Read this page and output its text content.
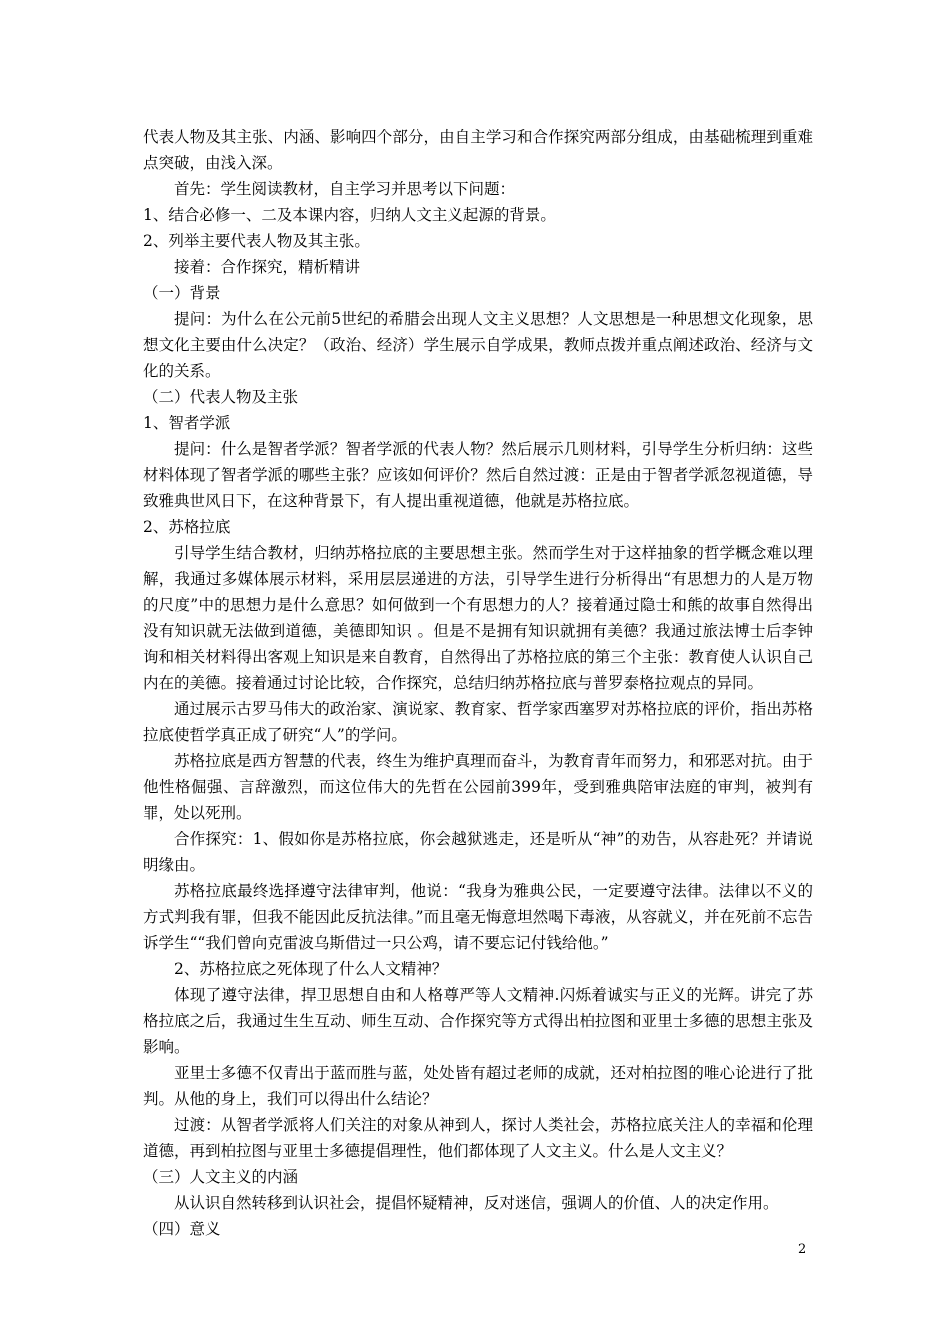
代表人物及其主张、内涵、影响四个部分，由自主学习和合作探究两部分组成，由基础梳理到重难点突破，由浅入深。

首先：学生阅读教材，自主学习并思考以下问题：

1、结合必修一、二及本课内容，归纳人文主义起源的背景。

2、列举主要代表人物及其主张。

接着：合作探究，精析精讲

（一）背景

提问：为什么在公元前5世纪的希腊会出现人文主义思想？人文思想是一种思想文化现象，思想文化主要由什么决定？（政治、经济）学生展示自学成果，教师点拨并重点阐述政治、经济与文化的关系。

（二）代表人物及主张

1、智者学派

提问：什么是智者学派？智者学派的代表人物？然后展示几则材料，引导学生分析归纳：这些材料体现了智者学派的哪些主张？应该如何评价？然后自然过渡：正是由于智者学派忽视道德，导致雅典世风日下，在这种背景下，有人提出重视道德，他就是苏格拉底。

2、苏格拉底

引导学生结合教材，归纳苏格拉底的主要思想主张。然而学生对于这样抽象的哲学概念难以理解，我通过多媒体展示材料，采用层层递进的方法，引导学生进行分析得出“有思想力的人是万物的尺度”中的思想力是什么意思？如何做到一个有思想力的人？接着通过隐士和熊的故事自然得出没有知识就无法做到道德，美德即知识 。但是不是拥有知识就拥有美德？我通过旅法博士后李钟询和相关材料得出客观上知识是来自教育，自然得出了苏格拉底的第三个主张：教育使人认识自己内在的美德。接着通过讨论比较，合作探究，总结归纳苏格拉底与普罗泰格拉观点的异同。

通过展示古罗马伟大的政治家、演说家、教育家、哲学家西塞罗对苏格拉底的评价，指出苏格拉底使哲学真正成了研究“人”的学问。

苏格拉底是西方智慧的代表，终生为维护真理而奋斗，为教育青年而努力，和邪恶对抗。由于他性格倔强、言辞激烈，而这位伟大的先哲在公园前399年，受到雅典陪审法庭的审判，被判有罪，处以死刑。

合作探究：1、假如你是苏格拉底，你会越狱逃走，还是听从“神”的劝告，从容赴死？并请说明缘由。

苏格拉底最终选择遵守法律审判，他说：“我身为雅典公民，一定要遵守法律。法律以不义的方式判我有罪，但我不能因此反抗法律。”而且毫无悔意坦然喝下毒液，从容就义，并在死前不忘告诉学生““我们曾向克雷波乌斯借过一只公鸡，请不要忘记付钱给他。”

2、苏格拉底之死体现了什么人文精神？

体现了遵守法律，捍卫思想自由和人格尊严等人文精神.闪烁着诚实与正义的光辉。讲完了苏格拉底之后，我通过生生互动、师生互动、合作探究等方式得出柏拉图和亚里士多德的思想主张及影响。

亚里士多德不仅青出于蓝而胜与蓝，处处皆有超过老师的成就，还对柏拉图的唯心论进行了批判。从他的身上，我们可以得出什么结论？

过渡：从智者学派将人们关注的对象从神到人，探讨人类社会，苏格拉底关注人的幸福和伦理道德，再到柏拉图与亚里士多德提倡理性，他们都体现了人文主义。什么是人文主义？

（三）人文主义的内涵

从认识自然转移到认识社会，提倡怀疑精神，反对迷信，强调人的价值、人的决定作用。

（四）意义

2
